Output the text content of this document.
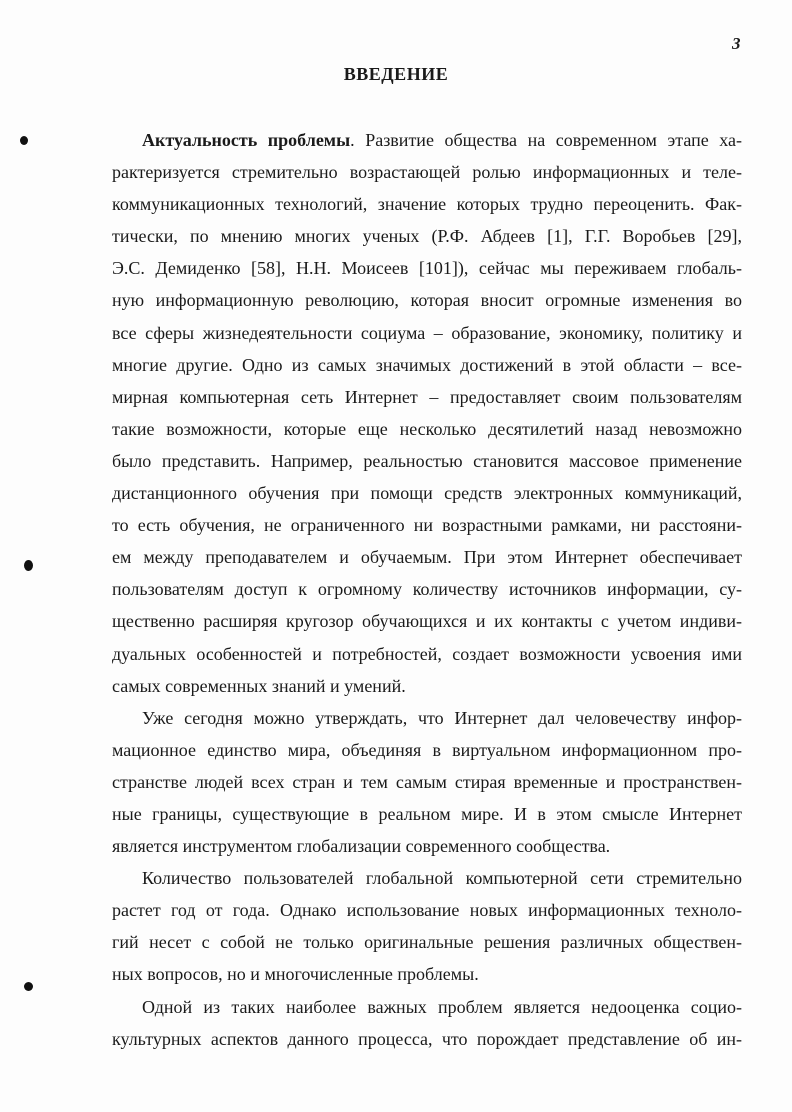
3
ВВЕДЕНИЕ
Актуальность проблемы. Развитие общества на современном этапе ха-
рактеризуется стремительно возрастающей ролью информационных и теле-
коммуникационных технологий, значение которых трудно переоценить. Фак-
тически, по мнению многих ученых (Р.Ф. Абдеев [1], Г.Г. Воробьев [29],
Э.С. Демиденко [58], Н.Н. Моисеев [101]), сейчас мы переживаем глобаль-
ную информационную революцию, которая вносит огромные изменения во
все сферы жизнедеятельности социума – образование, экономику, политику и
многие другие. Одно из самых значимых достижений в этой области – все-
мирная компьютерная сеть Интернет – предоставляет своим пользователям
такие возможности, которые еще несколько десятилетий назад невозможно
было представить. Например, реальностью становится массовое применение
дистанционного обучения при помощи средств электронных коммуникаций,
то есть обучения, не ограниченного ни возрастными рамками, ни расстояни-
ем между преподавателем и обучаемым. При этом Интернет обеспечивает
пользователям доступ к огромному количеству источников информации, су-
щественно расширяя кругозор обучающихся и их контакты с учетом индиви-
дуальных особенностей и потребностей, создает возможности усвоения ими
самых современных знаний и умений.
Уже сегодня можно утверждать, что Интернет дал человечеству инфор-
мационное единство мира, объединяя в виртуальном информационном про-
странстве людей всех стран и тем самым стирая временные и пространствен-
ные границы, существующие в реальном мире. И в этом смысле Интернет
является инструментом глобализации современного сообщества.
Количество пользователей глобальной компьютерной сети стремительно
растет год от года. Однако использование новых информационных техноло-
гий несет с собой не только оригинальные решения различных обществен-
ных вопросов, но и многочисленные проблемы.
Одной из таких наиболее важных проблем является недооценка социо-
культурных аспектов данного процесса, что порождает представление об ин-
